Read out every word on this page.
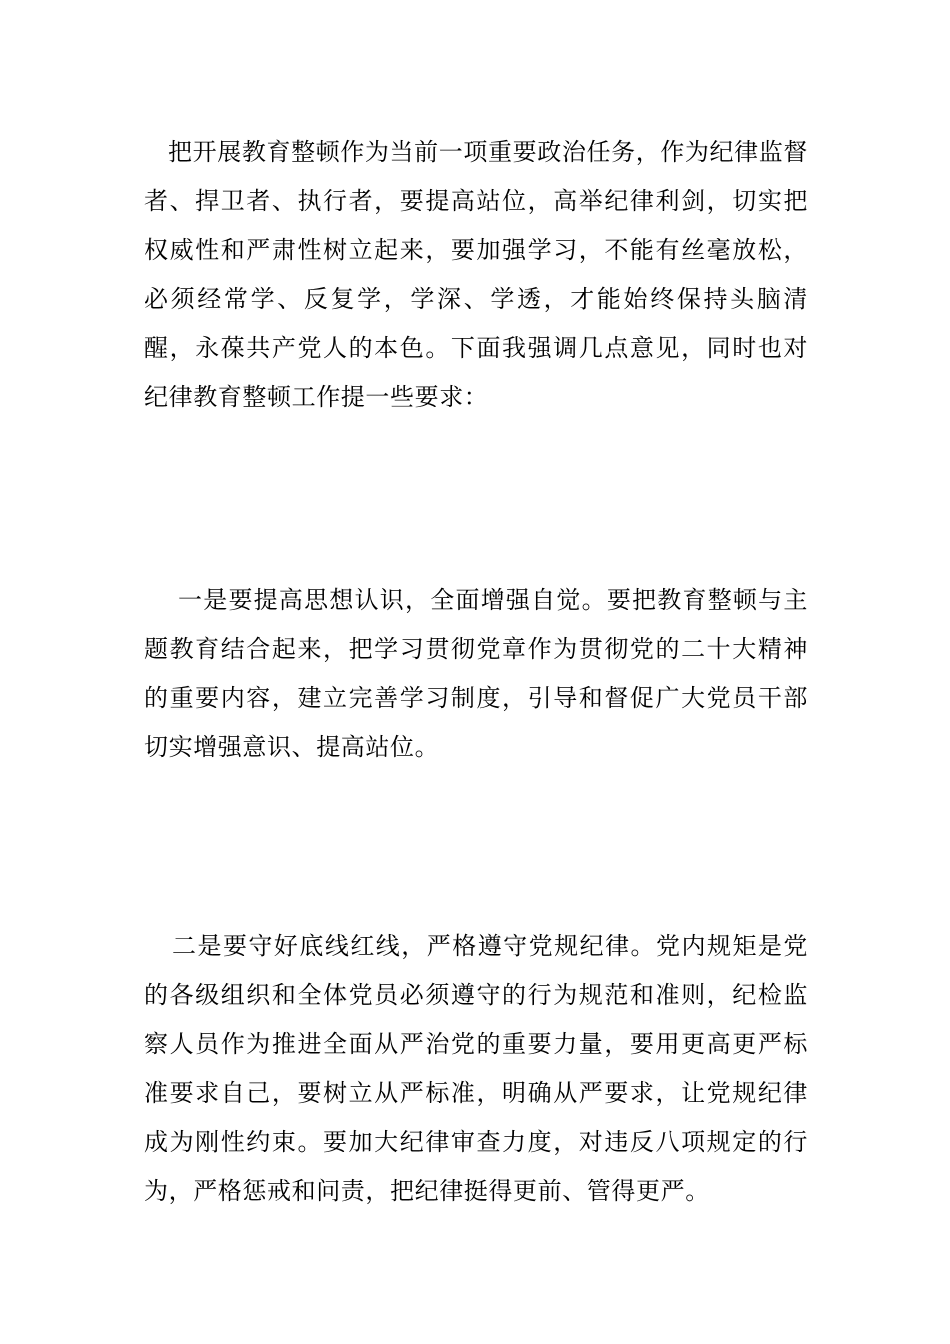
把开展教育整顿作为当前一项重要政治任务，作为纪律监督者、捍卫者、执行者，要提高站位，高举纪律利剑，切实把权威性和严肃性树立起来，要加强学习，不能有丝毫放松，必须经常学、反复学，学深、学透，才能始终保持头脑清醒，永葆共产党人的本色。下面我强调几点意见，同时也对纪律教育整顿工作提一些要求：

一是要提高思想认识，全面增强自觉。要把教育整顿与主题教育结合起来，把学习贯彻党章作为贯彻党的二十大精神的重要内容，建立完善学习制度，引导和督促广大党员干部切实增强意识、提高站位。

二是要守好底线红线，严格遵守党规纪律。党内规矩是党的各级组织和全体党员必须遵守的行为规范和准则，纪检监察人员作为推进全面从严治党的重要力量，要用更高更严标准要求自己，要树立从严标准，明确从严要求，让党规纪律成为刚性约束。要加大纪律审查力度，对违反八项规定的行为，严格惩戒和问责，把纪律挺得更前、管得更严。
